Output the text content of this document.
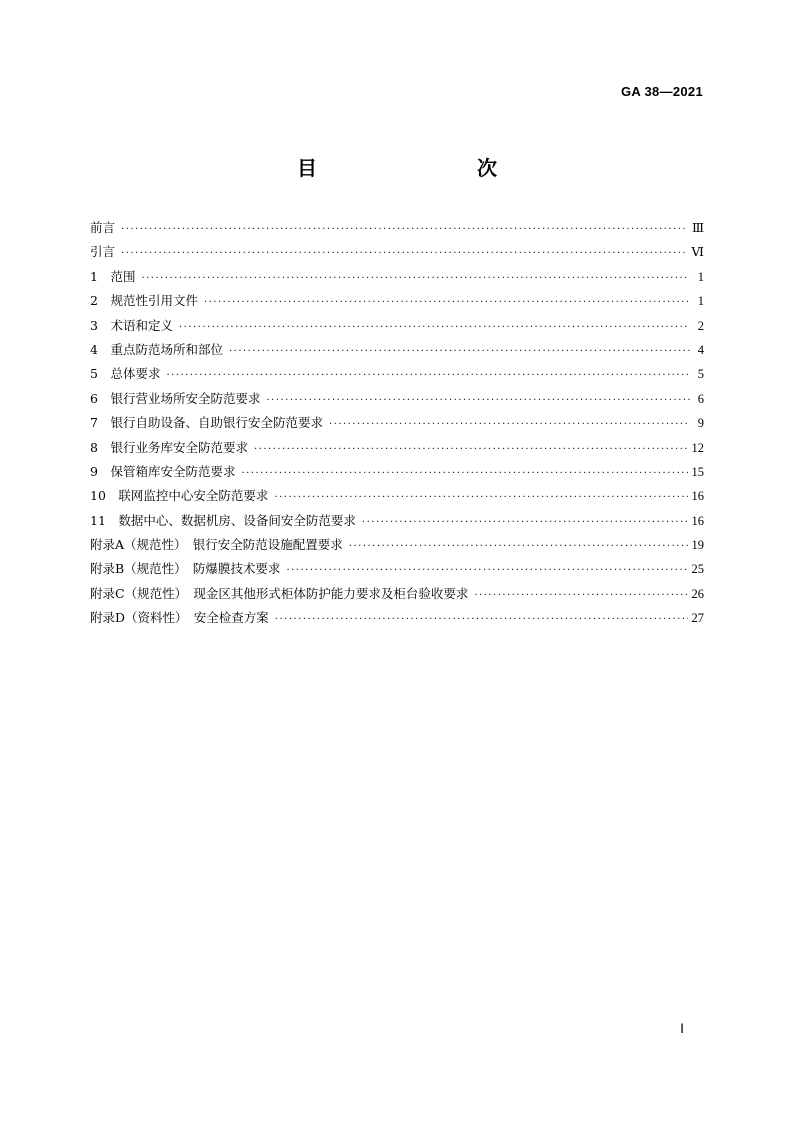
GA 38—2021
目　　次
前言 ·····	Ⅲ
引言 ·····	Ⅵ
1　范围 ·····	1
2　规范性引用文件 ·····	1
3　术语和定义 ·····	2
4　重点防范场所和部位 ·····	4
5　总体要求 ·····	5
6　银行营业场所安全防范要求 ·····	6
7　银行自助设备、自助银行安全防范要求 ·····	9
8　银行业务库安全防范要求 ·····	12
9　保管箱库安全防范要求 ·····	15
10　联网监控中心安全防范要求 ·····	16
11　数据中心、数据机房、设备间安全防范要求 ·····	16
附录A（规范性）　银行安全防范设施配置要求 ·····	19
附录B（规范性）　防爆膜技术要求 ·····	25
附录C（规范性）　现金区其他形式柜体防护能力要求及柜台验收要求 ·····	26
附录D（资料性）　安全检查方案 ·····	27
Ⅰ
